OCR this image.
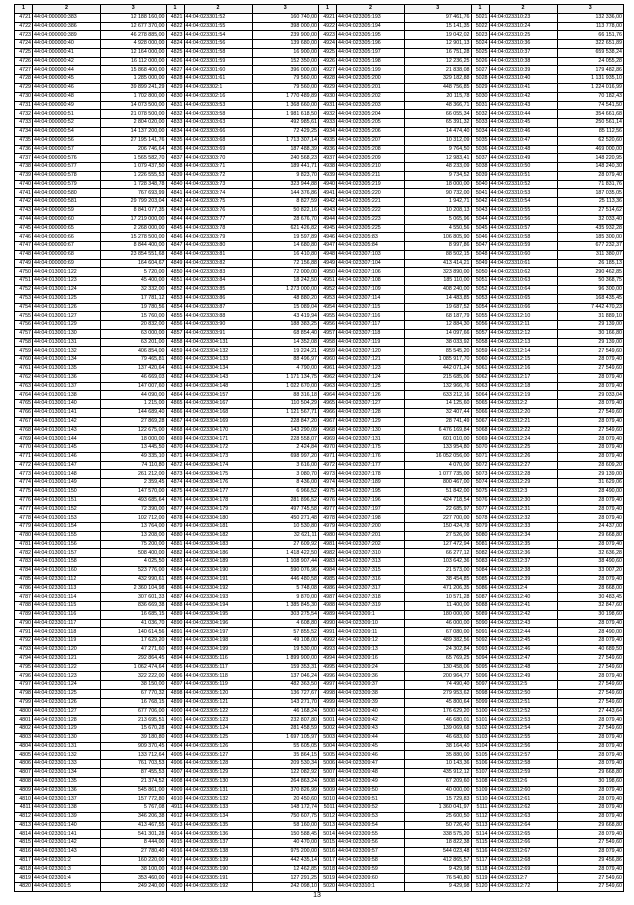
1	2	3
4721 44:04:000000:383	12 188 160,00
4722 44:04:000000:386	12 677 370,00
4723 44:04:000000:389	46 278 885,00
4724 44:04:000000:40	4 928 000,00
4725 44:04:000000:41	12 164 000,00
4726 44:04:000000:42	16 112 000,00
4727 44:04:000000:44	15 868 400,00
4728 44:04:000000:45	1 285 000,00
4729 44:04:000000:46	39 899 241,29
4730 44:04:000000:48	1 702 800,00
4731 44:04:000000:49	14 073 500,00
4732 44:04:000000:51	21 078 500,00
4733 44:04:000000:52	2 804 020,00
4734 44:04:000000:54	14 137 200,00
4735 44:04:000000:56	27 195 141,76
4736 44:04:000000:57	206 746,64
4737 44:04:000000:576	1 565 582,70
4738 44:04:000000:577	1 079 437,50
4739 44:04:000000:578	1 226 555,53
4740 44:04:000000:579	1 728 348,78
4741 44:04:000000:580	767 693,99
4742 44:04:000000:581	29 799 203,04
4743 44:04:000000:59	8 841 077,35
4744 44:04:000000:60	17 219 000,00
4745 44:04:000000:65	2 268 000,00
4746 44:04:000000:66	15 278 500,00
4747 44:04:000000:67	8 844 400,00
4748 44:04:000000:68	23 854 551,68
4749 44:04:000000:69	164 604,67
4750 44:04:013001:122	5 720,00
4751 44:04:013001:123	45 400,00
4752 44:04:013001:124	32 332,00
4753 44:04:013001:125	17 781,12
4754 44:04:013001:126	19 780,56
4755 44:04:013001:127	15 760,00
4756 44:04:013001:129	20 832,00
4757 44:04:013001:130	63 000,00
4758 44:04:013001:131	63 201,00
4759 44:04:013001:132	406 854,00
4760 44:04:013001:134	79 465,81
4761 44:04:013001:135	137 420,64
4762 44:04:013001:136	46 669,03
4763 44:04:013001:137	147 007,60
4764 44:04:013001:138	44 090,00
4765 44:04:013001:140	1 215,00
4766 44:04:013001:141	144 689,40
4767 44:04:013001:142	27 869,28
4768 44:04:013001:143	122 675,00
4769 44:04:013001:144	18 000,00
4770 44:04:013001:145	13 445,50
4771 44:04:013001:146	49 335,10
4772 44:04:013001:147	74 110,80
4773 44:04:013001:148	261 212,00
4774 44:04:013001:149	2 359,45
4775 44:04:013001:150	147 570,00
4776 44:04:013001:151	493 685,64
4777 44:04:013001:152	72 390,00
4778 44:04:013001:153	102 712,00
4779 44:04:013001:154	13 764,00
4780 44:04:013001:155	13 208,00
4781 44:04:013001:156	75 200,00
4782 44:04:013001:157	508 400,00
4783 44:04:013001:158	4 025,50
4784 44:04:013001:160	523 776,00
4785 44:04:023301:112	432 990,61
4786 44:04:023301:113	2 360 104,98
4787 44:04:023301:114	307 601,33
4788 44:04:023301:115	836 669,38
4789 44:04:023301:116	16 685,15
4790 44:04:023301:117	41 036,70
4791 44:04:023301:118	140 614,56
4792 44:04:023301:119	17 629,20
4793 44:04:023301:120	47 271,60
4794 44:04:023301:121	292 864,45
4795 44:04:023301:122	1 062 474,64
4796 44:04:023301:123	322 222,00
4797 44:04:023301:124	38 150,00
4798 44:04:023301:125	67 770,32
4799 44:04:023301:126	16 768,15
4800 44:04:023301:127	677 706,00
4801 44:04:023301:128	213 695,51
4802 44:04:023301:129	15 670,28
4803 44:04:023301:130	39 180,80
4804 44:04:023301:131	909 370,45
4805 44:04:023301:132	133 712,64
4806 44:04:023301:133	761 703,53
4807 44:04:023301:134	87 455,53
4808 44:04:023301:135	21 374,52
4809 44:04:023301:136	545 861,00
4810 44:04:023301:137	157 772,80
4811 44:04:023301:138	5 767,08
4812 44:04:023301:139	346 206,38
4813 44:04:023301:140	413 467,55
4814 44:04:023301:141	541 301,28
4815 44:04:023301:142	8 444,00
4816 44:04:023301:143	27 780,40
4817 44:04:023301:2	160 220,00
4818 44:04:023301:3	38 100,00
4819 44:04:023301:4	353 460,00
4820 44:04:023301:5	249 240,00
1	2	3
4821 44:04:023301:52	160 740,00
4822 44:04:023301:55	398 000,00
4823 44:04:023301:54	239 900,00
4824 44:04:023301:56	139 680,00
4825 44:04:023301:58	16 900,00
4826 44:04:023301:59	152 350,00
4827 44:04:023301:60	396 000,00
4828 44:04:023301:61	79 560,00
4829 44:04:023302:1	79 560,00
4830 44:04:023302:16	1 770 489,89
4831 44:04:023303:53	1 368 660,00
4832 44:04:023303:58	1 981 618,50
4833 44:04:023303:63	492 985,61
4834 44:04:023303:66	72 429,25
4835 44:04:023303:68	1 713 307,14
4836 44:04:023303:69	187 488,39
4837 44:04:023303:70	240 568,23
4838 44:04:023303:71	189 441,71
4839 44:04:023303:72	9 823,70
4840 44:04:023303:73	323 944,88
4841 44:04:023303:74	144 376,86
4842 44:04:023303:75	8 827,59
4843 44:04:023303:76	50 822,16
4844 44:04:023303:77	28 676,70
4845 44:04:023303:78	621 426,82
4846 44:04:023303:79	19 597,89
4847 44:04:023303:80	14 680,80
4848 44:04:023303:81	16 410,80
4849 44:04:023303:82	72 156,88
4850 44:04:023303:83	72 000,00
4851 44:04:023303:84	18 242,50
4852 44:04:023303:85	1 273 000,00
4853 44:04:023303:86	48 880,20
4854 44:04:023303:87	15 089,04
4855 44:04:023303:88	43 419,94
4856 44:04:023303:90	188 383,25
4857 44:04:023303:91	68 854,40
4858 44:04:023304:131	14 352,08
4859 44:04:023304:132	19 224,21
4860 44:04:023304:133	88 496,97
4861 44:04:023304:134	4 790,00
4862 44:04:023304:143	1 171 134,75
4863 44:04:023304:148	1 022 670,00
4864 44:04:023304:157	88 316,18
4865 44:04:023304:167	110 504,29
4866 44:04:023304:168	1 121 567,71
4867 44:04:023304:169	228 847,20
4868 44:04:023304:170	143 290,09
4869 44:04:023304:171	228 558,07
4870 44:04:023304:172	2 424,84
4871 44:04:023304:173	698 997,20
4872 44:04:023304:174	3 616,00
4873 44:04:023304:175	3 080,70
4874 44:04:023304:176	8 436,00
4875 44:04:023304:177	6 966,52
4876 44:04:023304:178	281 896,52
4877 44:04:023304:179	497 745,58
4878 44:04:023304:180	450 271,48
4879 44:04:023304:181	10 530,80
4880 44:04:023304:182	32 621,11
4881 44:04:023304:183	27 609,92
4882 44:04:023304:186	1 418 422,50
4883 44:04:023304:189	1 108 907,44
4884 44:04:023304:190	590 076,96
4885 44:04:023304:191	446 480,58
4886 44:04:023304:192	5 748,08
4887 44:04:023304:193	9 870,00
4888 44:04:023304:194	1 385 845,30
4889 44:04:023304:195	303 275,54
4890 44:04:023304:196	4 608,80
4891 44:04:023304:197	57 855,52
4892 44:04:023304:198	49 108,00
4893 44:04:023304:199	19 530,00
4894 44:04:023305:116	1 899 900,00
4895 44:04:023305:117	159 353,31
4896 44:04:023305:118	137 046,24
4897 44:04:023305:119	482 363,50
4898 44:04:023305:120	136 727,67
4899 44:04:023305:121	143 271,70
4900 44:04:023305:122	46 168,24
4901 44:04:023305:123	232 807,80
4902 44:04:023305:124	281 458,59
4903 44:04:023305:125	1 697 105,97
4904 44:04:023305:126	55 605,05
4905 44:04:023305:127	35 864,15
4906 44:04:023305:128	209 530,34
4907 44:04:023305:129	122 082,92
4908 44:04:023305:130	264 863,24
4909 44:04:023305:131	370 826,99
4910 44:04:023305:132	20 450,60
4911 44:04:023305:133	148 172,74
4912 44:04:023305:134	750 607,75
4913 44:04:023305:135	58 160,00
4914 44:04:023305:136	150 588,45
4915 44:04:023305:137	40 470,00
4916 44:04:023305:138	975 200,00
4917 44:04:023305:139	442 435,14
4918 44:04:023305:190	12 462,85
4919 44:04:023305:191	127 291,25
4920 44:04:023305:192	242 098,10
1	2	3
4921 44:04:023305:193	97 461,76
4922 44:04:023305:194	15 141,35
4923 44:04:023305:195	19 042,02
4924 44:04:023305:196	12 901,13
4925 44:04:023305:197	16 751,28
4926 44:04:023305:198	12 236,25
4927 44:04:023305:199	21 838,08
4928 44:04:023305:200	329 182,88
4929 44:04:023305:201	448 756,85
4930 44:04:023305:202	20 115,78
4931 44:04:023305:203	48 366,71
4932 44:04:023305:204	66 055,34
4933 44:04:023305:205	65 391,32
4934 44:04:023305:206	14 474,40
4935 44:04:023305:207	10 312,09
4936 44:04:023305:208	9 764,50
4937 44:04:023305:209	12 983,41
4938 44:04:023305:210	48 233,09
4939 44:04:023305:211	9 734,52
4940 44:04:023305:219	18 000,00
4941 44:04:023305:220	90 732,00
4942 44:04:023305:221	1 942,71
4943 44:04:023305:222	10 208,13
4944 44:04:023305:223	5 065,96
4945 44:04:023305:225	4 550,56
4946 44:04:023305:83	106 805,90
4947 44:04:023305:84	8 997,86
4948 44:04:023307:103	88 502,15
4949 44:04:023307:104	413 414,21
4950 44:04:023307:106	323 890,00
4951 44:04:023307:108	185 110,00
4952 44:04:023307:109	408 240,00
4953 44:04:023307:114	14 483,85
4954 44:04:023307:115	19 687,52
4955 44:04:023307:116	68 187,79
4956 44:04:023307:117	12 884,30
4957 44:04:023307:118	14 097,66
4958 44:04:023307:119	38 033,92
4959 44:04:023307:120	85 545,20
4960 44:04:023307:121	1 085 917,70
4961 44:04:023307:123	442 071,24
4962 44:04:023307:124	215 685,06
4963 44:04:023307:125	132 966,76
4964 44:04:023307:126	633 212,16
4965 44:04:023307:127	14 125,60
4966 44:04:023307:128	32 407,44
4967 44:04:023307:129	28 741,49
4968 44:04:023307:130	6 476 169,84
4969 44:04:023307:131	601 010,00
4970 44:04:023307:175	133 954,80
4971 44:04:023307:176	16 052 056,00
4972 44:04:023307:177	4 070,00
4973 44:04:023307:178	1 077 735,00
4974 44:04:023307:189	800 467,00
4975 44:04:023307:195	51 842,00
4976 44:04:023307:196	424 718,54
4977 44:04:023307:197	22 685,97
4978 44:04:023307:198	227 700,00
4979 44:04:023307:200	150 424,78
4980 44:04:023307:201	27 526,00
4981 44:04:023307:202	127 472,94
4982 44:04:023307:310	66 277,12
4983 44:04:023307:313	103 642,36
4984 44:04:023307:315	21 573,00
4985 44:04:023307:316	38 454,85
4986 44:04:023307:317	471 206,35
4987 44:04:023307:318	10 571,28
4988 44:04:023307:319	11 400,00
4989 44:04:023309:1	180 000,00
4990 44:04:023309:10	46 000,00
4991 44:04:023309:11	67 080,00
4992 44:04:023309:12	489 382,56
4993 44:04:023309:13	24 302,84
4994 44:04:023309:16	65 769,25
4995 44:04:023309:24	130 458,06
4996 44:04:023309:36	200 964,77
4997 44:04:023309:37	74 490,40
4998 44:04:023309:38	279 953,62
4999 44:04:023309:39	45 800,64
5000 44:04:023309:40	176 629,20
5001 44:04:023309:42	46 680,01
5002 44:04:023309:43	139 069,68
5003 44:04:023309:44	46 683,60
5004 44:04:023309:45	38 164,40
5005 44:04:023309:46	35 880,00
5006 44:04:023309:47	10 143,36
5007 44:04:023309:48	435 912,12
5008 44:04:023309:49	67 209,60
5009 44:04:023309:50	40 000,00
5010 44:04:023309:51	15 729,83
5011 44:04:023309:52	1 360 041,97
5012 44:04:023309:53	25 600,50
5013 44:04:023309:54	50 726,40
5014 44:04:023309:55	338 575,20
5015 44:04:023309:56	18 822,38
5016 44:04:023309:57	544 023,48
5017 44:04:023309:58	412 865,57
5018 44:04:023309:59	9 429,98
5019 44:04:023309:60	76 540,80
5020 44:04:023310:1	9 429,98
1	2	3
5021 44:04:023310:23	132 336,00
5022 44:04:023310:24	113 778,00
5023 44:04:023310:25	66 151,76
5024 44:04:023310:36	322 651,89
5025 44:04:023310:37	659 538,24
5026 44:04:023310:38	24 055,28
5027 44:04:023310:39	179 482,86
5028 44:04:023310:40	1 131 935,10
5029 44:04:023310:41	1 224 016,99
5030 44:04:023310:42	70 182,43
5031 44:04:023310:43	74 541,50
5032 44:04:023310:44	354 661,68
5033 44:04:023310:45	250 561,14
5034 44:04:023310:46	85 112,56
5035 44:04:023310:47	62 520,60
5036 44:04:023310:48	469 000,00
5037 44:04:023310:49	148 220,95
5038 44:04:023310:50	148 240,30
5039 44:04:023310:51	28 079,40
5040 44:04:023310:52	71 831,76
5041 44:04:023310:53	187 035,05
5042 44:04:023310:54	25 113,36
5043 44:04:023310:55	27 514,62
5044 44:04:023310:56	32 033,40
5045 44:04:023310:57	435 932,28
5046 44:04:023310:58	185 300,00
5047 44:04:023310:59	677 232,37
5048 44:04:023310:60	311 380,07
5049 44:04:023310:61	26 185,13
5050 44:04:023310:62	290 462,85
5051 44:04:023310:63	50 368,75
5052 44:04:023310:64	96 300,00
5053 44:04:023310:65	168 435,45
5054 44:04:023310:66	7 442 470,23
5055 44:04:023312:10	31 889,10
5056 44:04:023312:11	29 139,00
5057 44:04:023312:12	30 166,80
5058 44:04:023312:13	29 139,00
5059 44:04:023312:14	27 549,60
5060 44:04:023312:15	28 079,40
5061 44:04:023312:16	27 549,60
5062 44:04:023312:17	28 079,40
5063 44:04:023312:18	28 079,40
5064 44:04:023312:19	29 033,04
5065 44:04:023312:2	28 079,40
5066 44:04:023312:20	27 549,60
5067 44:04:023312:21	28 079,40
5068 44:04:023312:22	27 549,60
5069 44:04:023312:24	28 079,40
5070 44:04:023312:25	28 079,40
5071 44:04:023312:26	28 079,40
5072 44:04:023312:27	28 609,20
5073 44:04:023312:28	29 139,00
5074 44:04:023312:29	31 629,06
5075 44:04:023312:3	28 490,00
5076 44:04:023312:30	28 079,40
5077 44:04:023312:31	28 079,40
5078 44:04:023312:32	28 079,40
5079 44:04:023312:33	24 437,00
5080 44:04:023312:34	29 668,80
5081 44:04:023312:35	28 079,40
5082 44:04:023312:36	32 636,28
5083 44:04:023312:37	38 490,60
5084 44:04:023312:38	33 007,20
5085 44:04:023312:39	28 079,40
5086 44:04:023312:4	28 668,00
5087 44:04:023312:40	30 483,45
5088 44:04:023312:41	32 847,60
5089 44:04:023312:42	30 198,60
5090 44:04:023312:43	28 079,40
5091 44:04:023312:44	28 490,00
5092 44:04:023312:45	28 079,40
5093 44:04:023312:46	40 689,50
5094 44:04:023312:47	27 549,60
5095 44:04:023312:48	27 549,60
5096 44:04:023312:49	28 079,40
5097 44:04:023312:5	27 549,60
5098 44:04:023312:50	27 549,60
5099 44:04:023312:51	27 549,60
5100 44:04:023312:52	27 443,64
5101 44:04:023312:53	28 079,40
5102 44:04:023312:54	27 549,60
5103 44:04:023312:55	28 079,40
5104 44:04:023312:56	28 079,40
5105 44:04:023312:57	28 079,40
5106 44:04:023312:58	28 079,40
5107 44:04:023312:59	29 668,80
5108 44:04:023312:6	30 198,60
5109 44:04:023312:60	28 079,40
5110 44:04:023312:61	28 079,40
5111 44:04:023312:62	28 079,40
5112 44:04:023312:63	28 079,40
5113 44:04:023312:64	29 668,80
5114 44:04:023312:65	28 079,40
5115 44:04:023312:66	27 549,60
5116 44:04:023312:67	28 079,40
5117 44:04:023312:68	29 456,86
5118 44:04:023312:69	28 079,40
5119 44:04:023312:7	27 549,60
5120 44:04:023312:72	27 549,60
13
